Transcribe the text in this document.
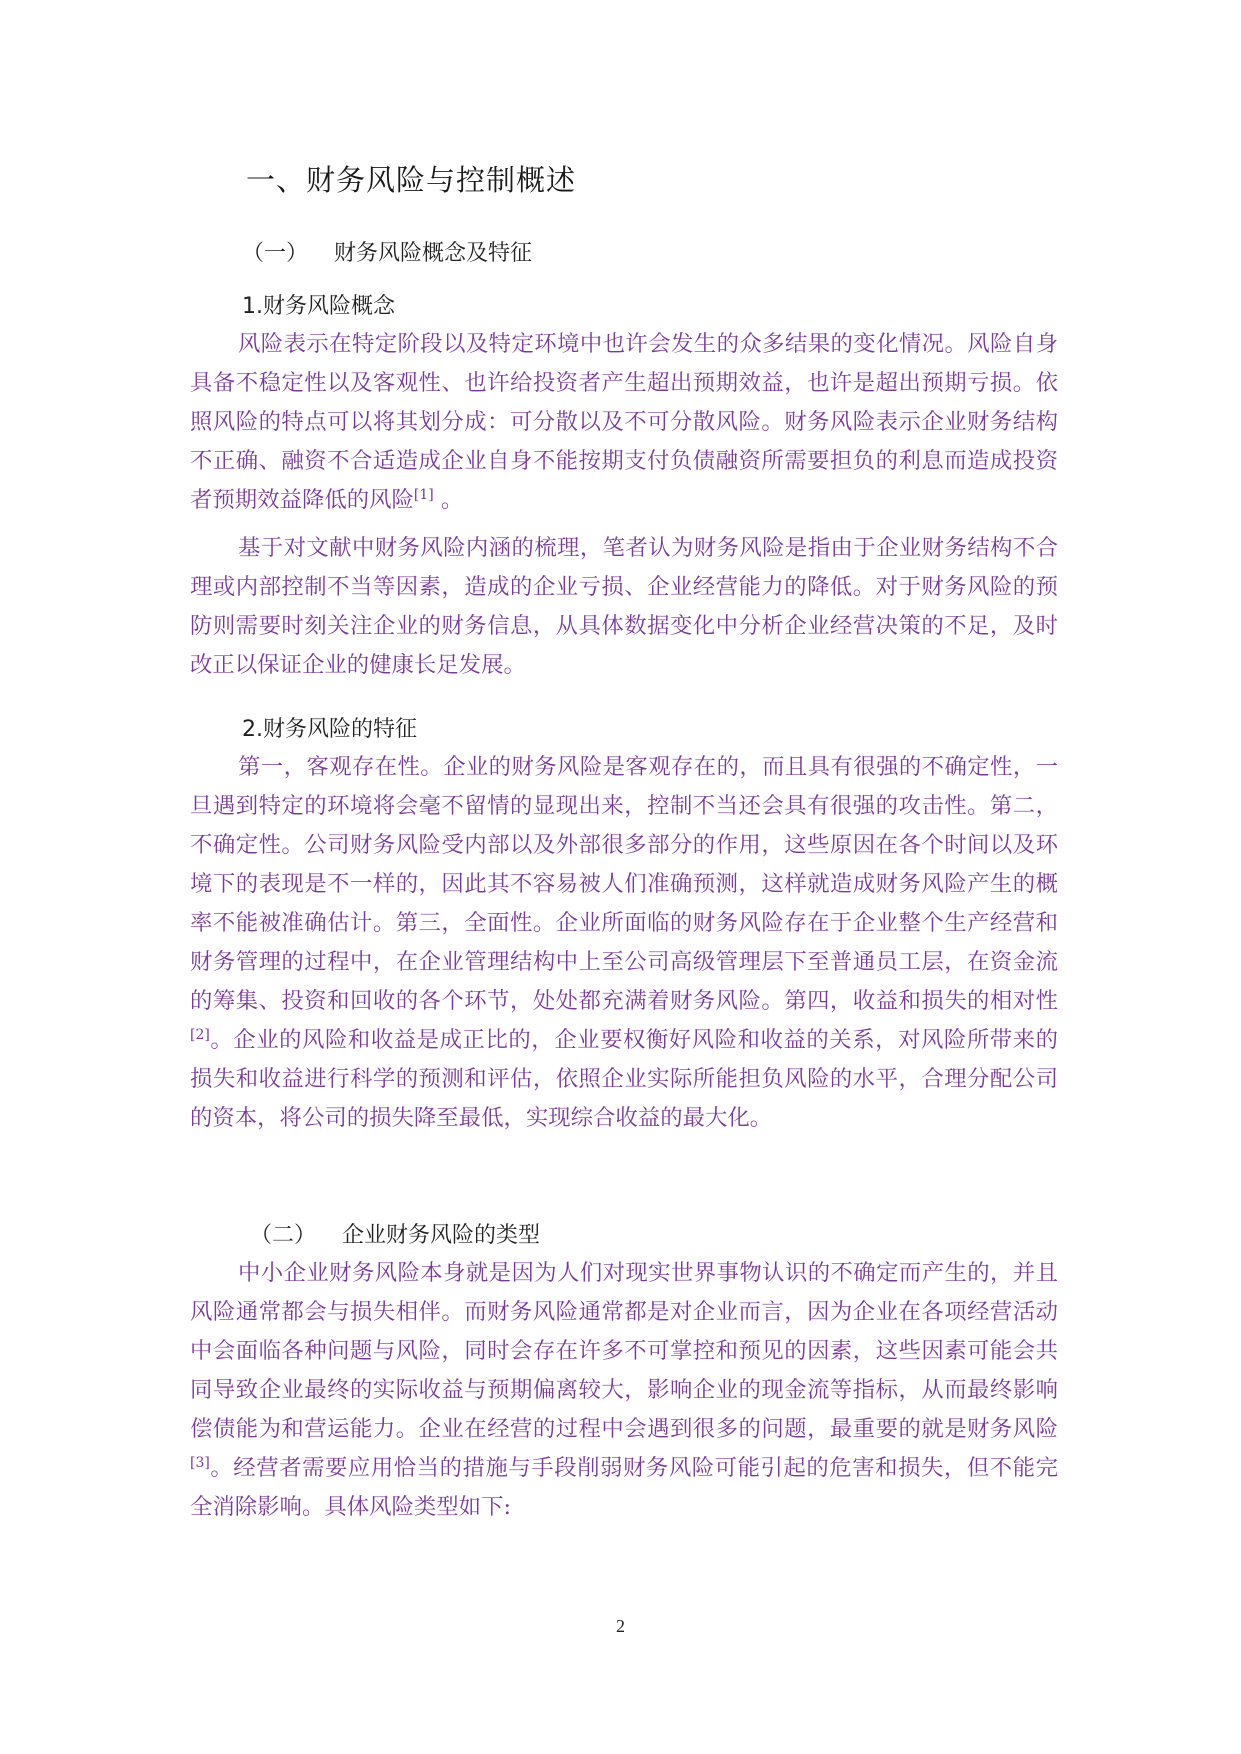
一、财务风险与控制概述
（一） 财务风险概念及特征
1.财务风险概念

风险表示在特定阶段以及特定环境中也许会发生的众多结果的变化情况。风险自身具备不稳定性以及客观性、也许给投资者产生超出预期效益，也许是超出预期亏损。依照风险的特点可以将其划分成：可分散以及不可分散风险。财务风险表示企业财务结构不正确、融资不合适造成企业自身不能按期支付负债融资所需要担负的利息而造成投资者预期效益降低的风险[1] 。

基于对文献中财务风险内涵的梳理，笔者认为财务风险是指由于企业财务结构不合理或内部控制不当等因素，造成的企业亏损、企业经营能力的降低。对于财务风险的预防则需要时刻关注企业的财务信息，从具体数据变化中分析企业经营决策的不足，及时改正以保证企业的健康长足发展。

2.财务风险的特征

第一，客观存在性。企业的财务风险是客观存在的，而且具有很强的不确定性，一旦遇到特定的环境将会毫不留情的显现出来，控制不当还会具有很强的攻击性。第二，不确定性。公司财务风险受内部以及外部很多部分的作用，这些原因在各个时间以及环境下的表现是不一样的，因此其不容易被人们准确预测，这样就造成财务风险产生的概率不能被准确估计。第三，全面性。企业所面临的财务风险存在于企业整个生产经营和财务管理的过程中，在企业管理结构中上至公司高级管理层下至普通员工层，在资金流的筹集、投资和回收的各个环节，处处都充满着财务风险。第四，收益和损失的相对性[2]。企业的风险和收益是成正比的，企业要权衡好风险和收益的关系，对风险所带来的损失和收益进行科学的预测和评估，依照企业实际所能担负风险的水平，合理分配公司的资本，将公司的损失降至最低，实现综合收益的最大化。

（二） 企业财务风险的类型

中小企业财务风险本身就是因为人们对现实世界事物认识的不确定而产生的，并且风险通常都会与损失相伴。而财务风险通常都是对企业而言，因为企业在各项经营活动中会面临各种问题与风险，同时会存在许多不可掌控和预见的因素，这些因素可能会共同导致企业最终的实际收益与预期偏离较大，影响企业的现金流等指标，从而最终影响偿债能为和营运能力。企业在经营的过程中会遇到很多的问题，最重要的就是财务风险[3]。经营者需要应用恰当的措施与手段削弱财务风险可能引起的危害和损失，但不能完全消除影响。具体风险类型如下:

2
